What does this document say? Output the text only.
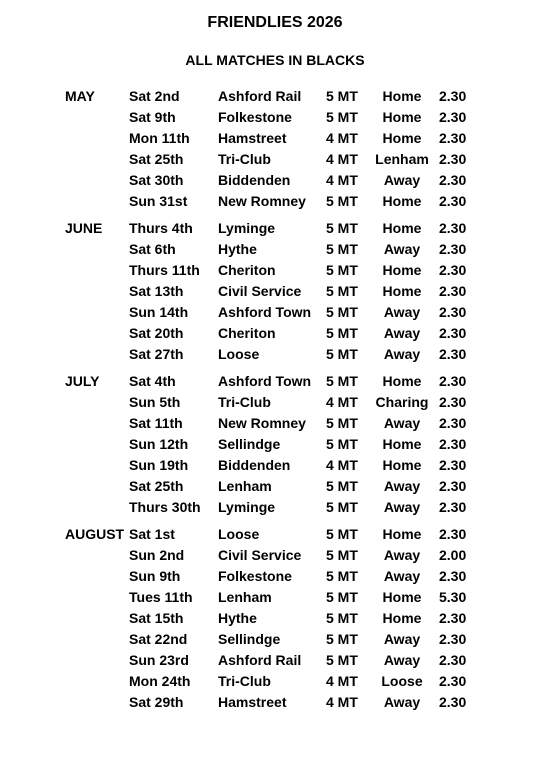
FRIENDLIES 2026
ALL MATCHES IN BLACKS
MAY Sat 2nd	Ashford Rail 5 MT	Home	2.30
Sat 9th	Folkestone 5 MT	Home	2.30
Mon 11th Hamstreet	4 MT	Home	2.30
Sat 25th Tri-Club	4 MT Lenham 2.30
Sat 30th Biddenden	4 MT	Away	2.30
Sun 31st New Romney 5 MT	Home	2.30
JUNE Thurs 4th Lyminge	5 MT	Home	2.30
Sat 6th	Hythe	5 MT	Away	2.30
Thurs 11th Cheriton	5 MT	Home	2.30
Sat 13th Civil Service 5 MT	Home	2.30
Sun 14th Ashford Town 5 MT	Away	2.30
Sat 20th Cheriton	5 MT	Away	2.30
Sat 27th Loose	5 MT	Away	2.30
JULY Sat 4th	Ashford Town 5 MT	Home	2.30
Sun 5th	Tri-Club	4 MT Charing 2.30
Sat 11th	New Romney 5 MT	Away	2.30
Sun 12th Sellindge	5 MT	Home	2.30
Sun 19th Biddenden	4 MT	Home	2.30
Sat 25th Lenham	5 MT	Away	2.30
Thurs 30th Lyminge	5 MT	Away	2.30
AUGUST Sat 1st	Loose	5 MT	Home	2.30
Sun 2nd Civil Service 5 MT	Away	2.00
Sun 9th	Folkestone 5 MT	Away	2.30
Tues 11th Lenham	5 MT	Home	5.30
Sat 15th Hythe	5 MT	Home	2.30
Sat 22nd Sellindge	5 MT	Away	2.30
Sun 23rd Ashford Rail 5 MT	Away	2.30
Mon 24th Tri-Club	4 MT	Loose	2.30
Sat 29th Hamstreet	4 MT	Away	2.30
